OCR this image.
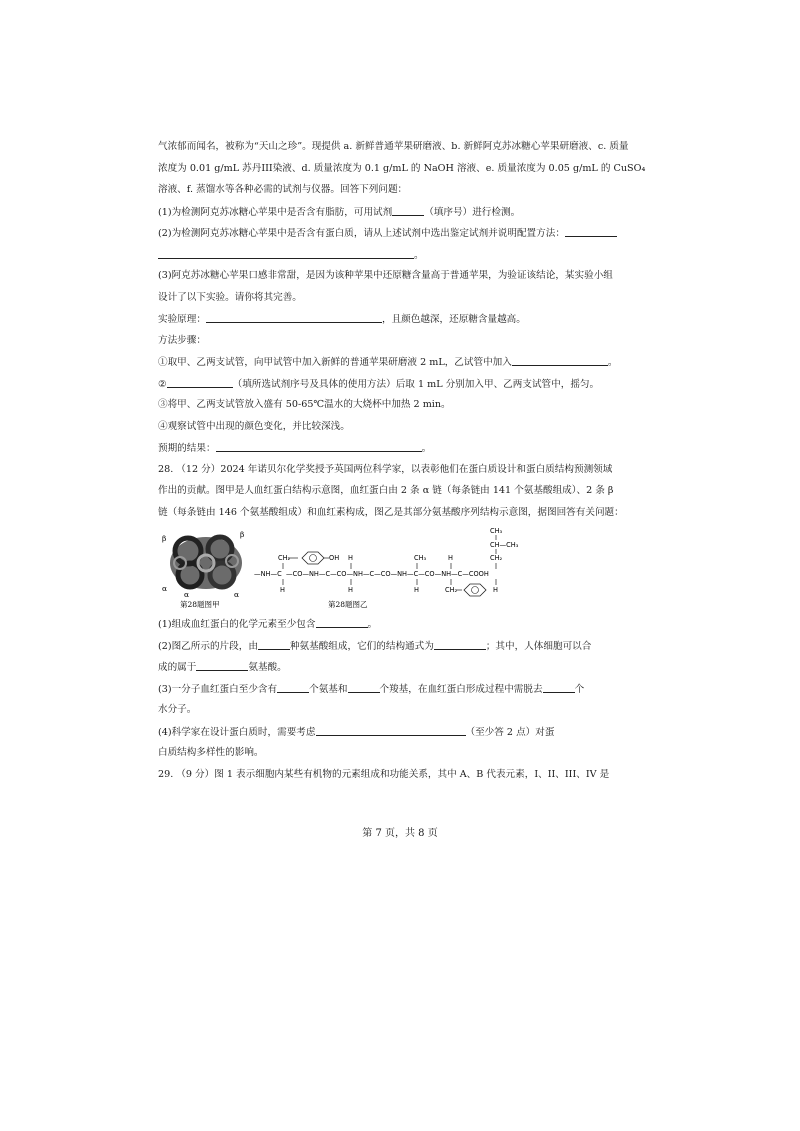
气浓郁而闻名，被称为“天山之珍”。现提供 a. 新鲜普通苹果研磨液、b. 新鲜阿克苏冰糖心苹果研磨液、c. 质量
浓度为 0.01 g/mL 苏丹III染液、d. 质量浓度为 0.1 g/mL 的 NaOH 溶液、e. 质量浓度为 0.05 g/mL 的 CuSO₄
溶液、f. 蒸馏水等各种必需的试剂与仪器。回答下列问题：
(1)为检测阿克苏冰糖心苹果中是否含有脂肪，可用试剂	（填序号）进行检测。
(2)为检测阿克苏冰糖心苹果中是否含有蛋白质，请从上述试剂中选出鉴定试剂并说明配置方法：
。
(3)阿克苏冰糖心苹果口感非常甜，是因为该种苹果中还原糖含量高于普通苹果，为验证该结论，某实验小组
设计了以下实验。请你将其完善。
实验原理：	，且颜色越深，还原糖含量越高。
方法步骤：
①取甲、乙两支试管，向甲试管中加入新鲜的普通苹果研磨液 2 mL，乙试管中加入	。
②	（填所选试剂序号及具体的使用方法）后取 1 mL 分别加入甲、乙两支试管中，摇匀。
③将甲、乙两支试管放入盛有 50-65℃温水的大烧杯中加热 2 min。
④观察试管中出现的颜色变化，并比较深浅。
预期的结果：	。
28. （12 分）2024 年诺贝尔化学奖授予英国两位科学家，以表彰他们在蛋白质设计和蛋白质结构预测领域
作出的贡献。图甲是人血红蛋白结构示意图，血红蛋白由 2 条 α 链（每条链由 141 个氨基酸组成）、2 条 β
链（每条链由 146 个氨基酸组成）和血红素构成，图乙是其部分氨基酸序列结构示意图，据图回答有关问题：
β	β
α
α	α
第28题图甲
CH₃
CH—CH₃
CH₂
CH₂	OH	CH₃
H	H
—NH—C —CO—NH—C—CO—NH—C—CO—NH—C—CO—NH—C—COOH
H	H	H	H
CH₂
第28题图乙
(1)组成血红蛋白的化学元素至少包含	。
(2)图乙所示的片段，由	种氨基酸组成，它们的结构通式为	；其中，人体细胞可以合
成的属于	氨基酸。
(3)一分子血红蛋白至少含有	个氨基和	个羧基，在血红蛋白形成过程中需脱去	个
水分子。
(4)科学家在设计蛋白质时，需要考虑	（至少答 2 点）对蛋
白质结构多样性的影响。
29. （9 分）图 1 表示细胞内某些有机物的元素组成和功能关系，其中 A、B 代表元素，I、II、III、IV 是
第 7 页，共 8 页
